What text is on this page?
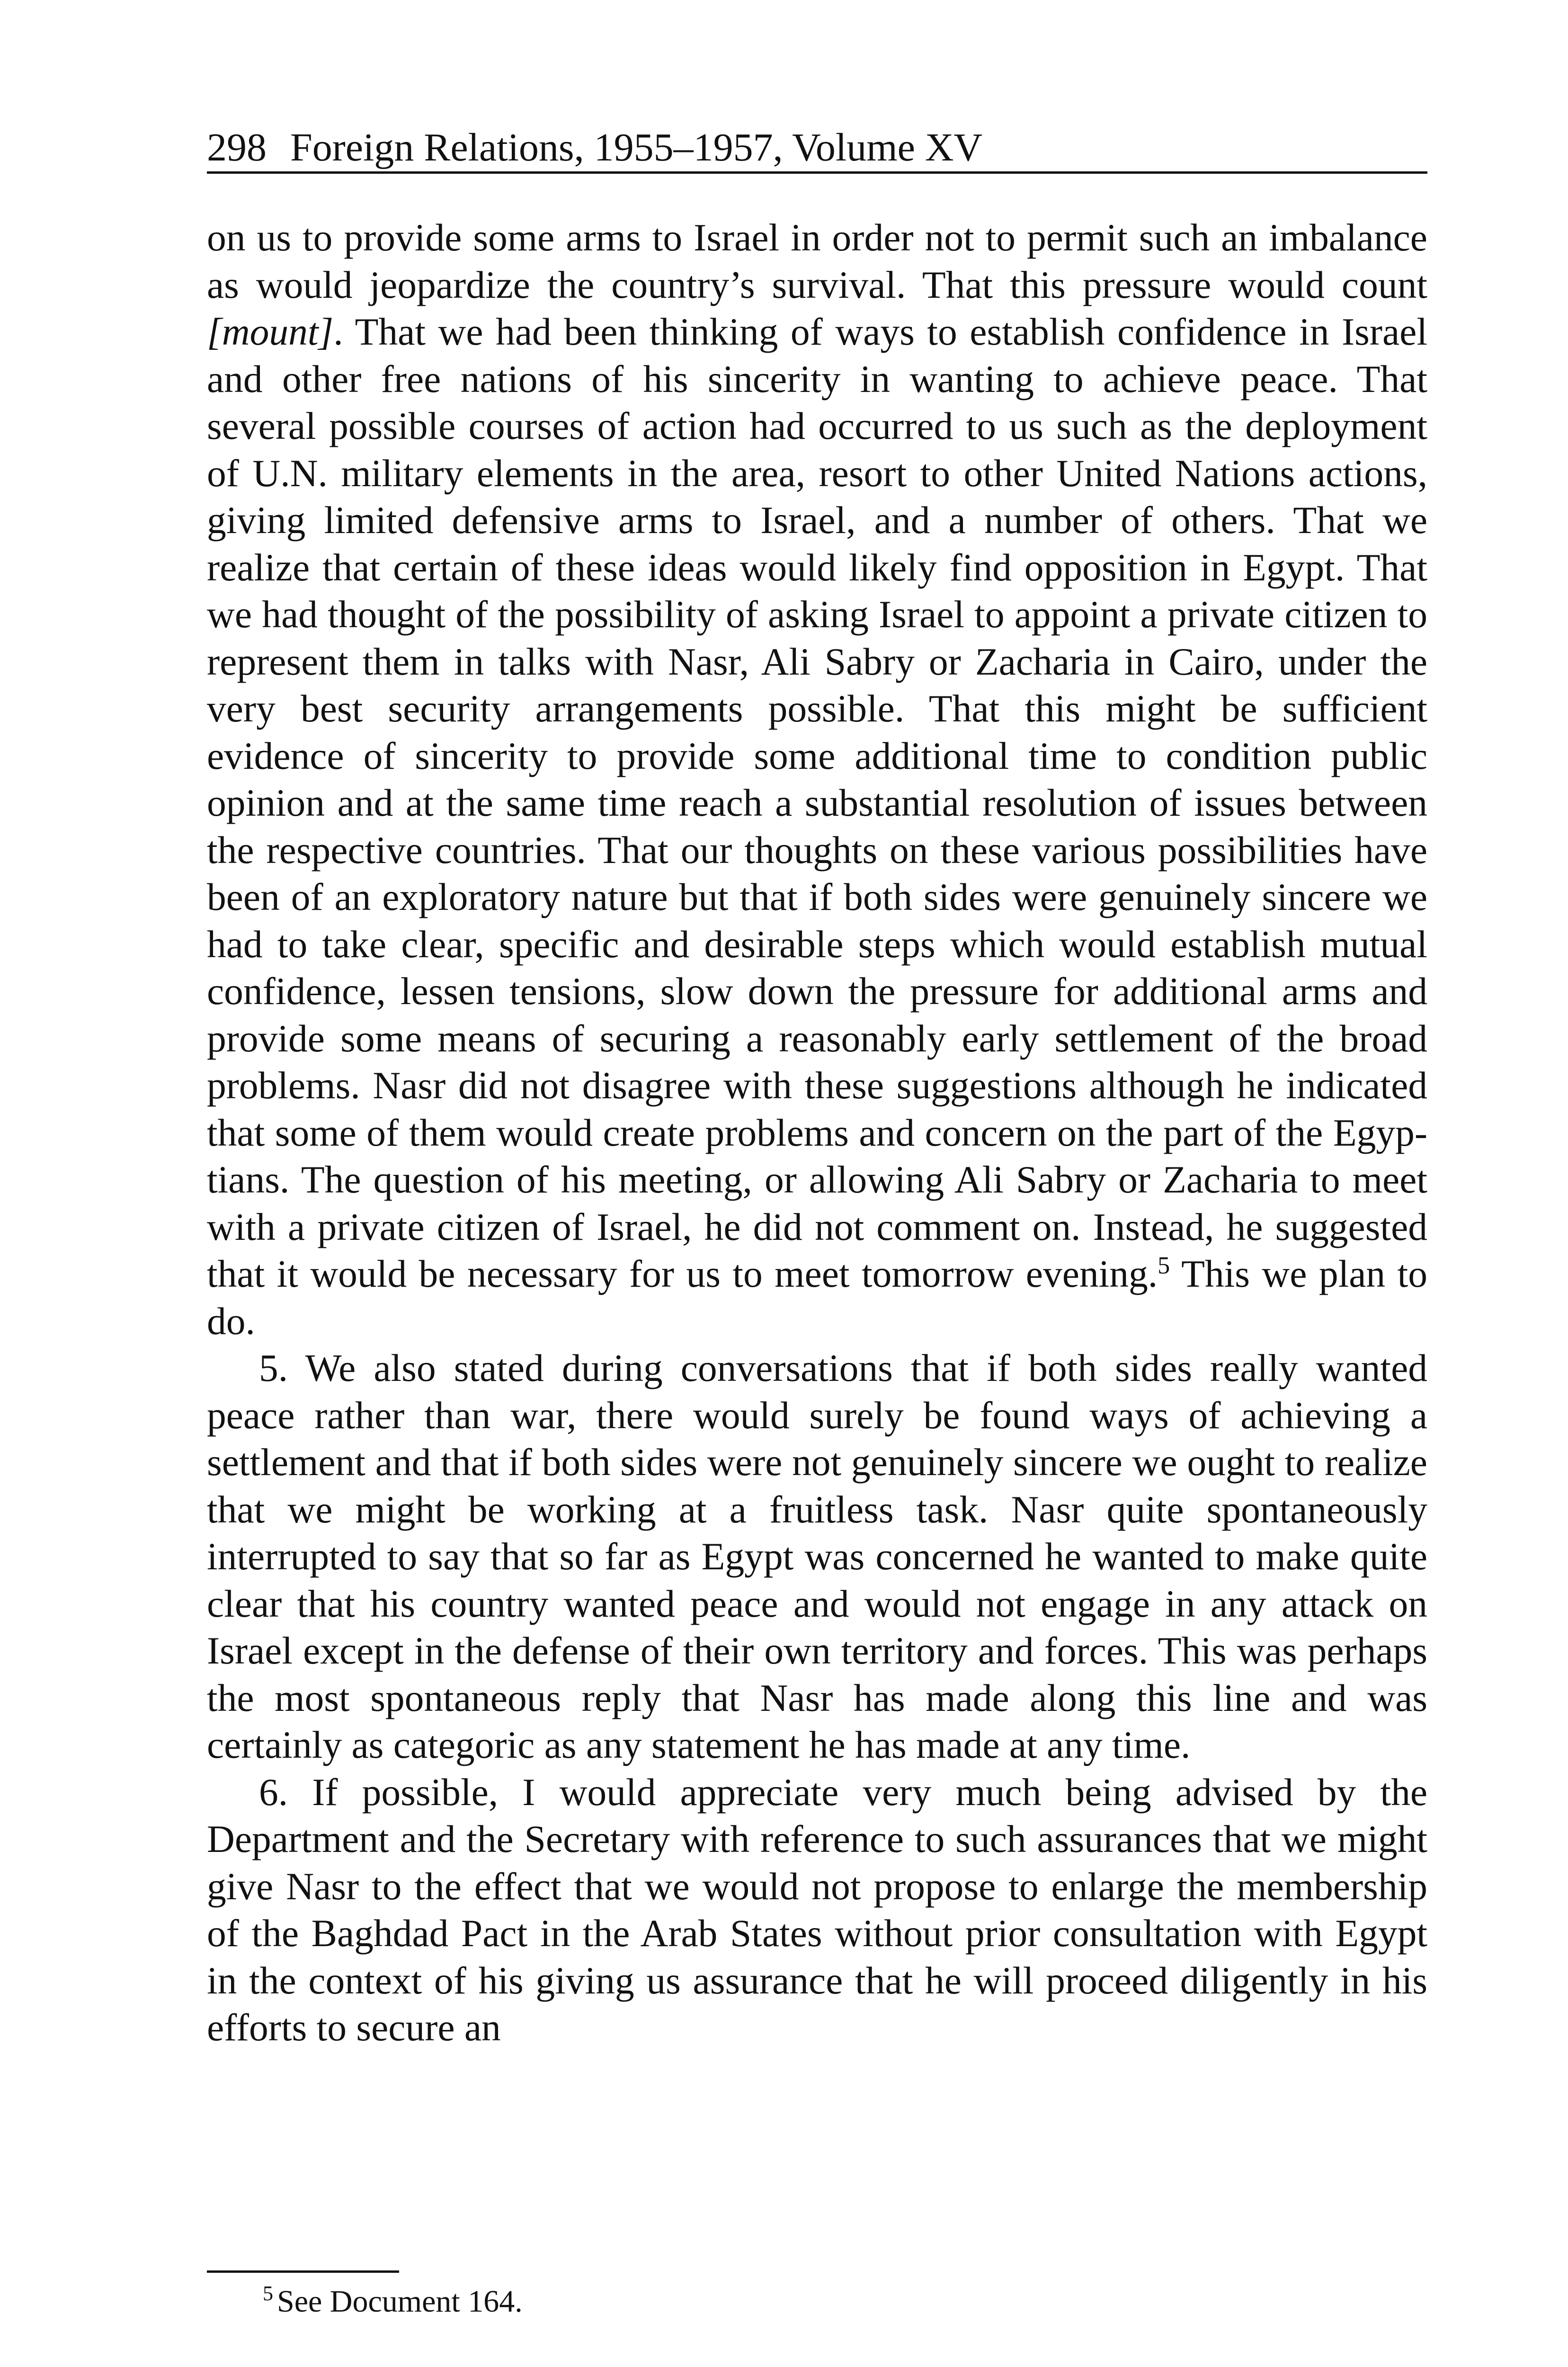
298 Foreign Relations, 1955–1957, Volume XV

on us to provide some arms to Israel in order not to permit such an imbalance as would jeopardize the country’s survival. That this pressure would count [mount]. That we had been thinking of ways to establish confidence in Israel and other free nations of his sincerity in wanting to achieve peace. That several possible courses of action had occurred to us such as the deployment of U.N. military elements in the area, resort to other United Nations actions, giving limited defensive arms to Israel, and a number of others. That we realize that certain of these ideas would likely find opposition in Egypt. That we had thought of the possibility of asking Israel to appoint a private citizen to represent them in talks with Nasr, Ali Sabry or Zacharia in Cairo, under the very best security arrangements possible. That this might be sufficient evidence of sincerity to provide some additional time to condition public opinion and at the same time reach a substantial resolution of issues between the respective countries. That our thoughts on these various possibilities have been of an exploratory nature but that if both sides were genuinely sincere we had to take clear, specific and desirable steps which would establish mutual confidence, lessen tensions, slow down the pressure for additional arms and provide some means of securing a reasonably early settlement of the broad problems. Nasr did not disagree with these suggestions although he indicated that some of them would create problems and concern on the part of the Egyptians. The question of his meeting, or allowing Ali Sabry or Zacharia to meet with a private citizen of Israel, he did not comment on. Instead, he suggested that it would be necessary for us to meet tomorrow evening.$^5$ This we plan to do.

5. We also stated during conversations that if both sides really wanted peace rather than war, there would surely be found ways of achieving a settlement and that if both sides were not genuinely sincere we ought to realize that we might be working at a fruitless task. Nasr quite spontaneously interrupted to say that so far as Egypt was concerned he wanted to make quite clear that his country wanted peace and would not engage in any attack on Israel except in the defense of their own territory and forces. This was perhaps the most spontaneous reply that Nasr has made along this line and was certainly as categoric as any statement he has made at any time.

6. If possible, I would appreciate very much being advised by the Department and the Secretary with reference to such assurances that we might give Nasr to the effect that we would not propose to enlarge the membership of the Baghdad Pact in the Arab States without prior consultation with Egypt in the context of his giving us assurance that he will proceed diligently in his efforts to secure an

$^5$ See Document 164.
